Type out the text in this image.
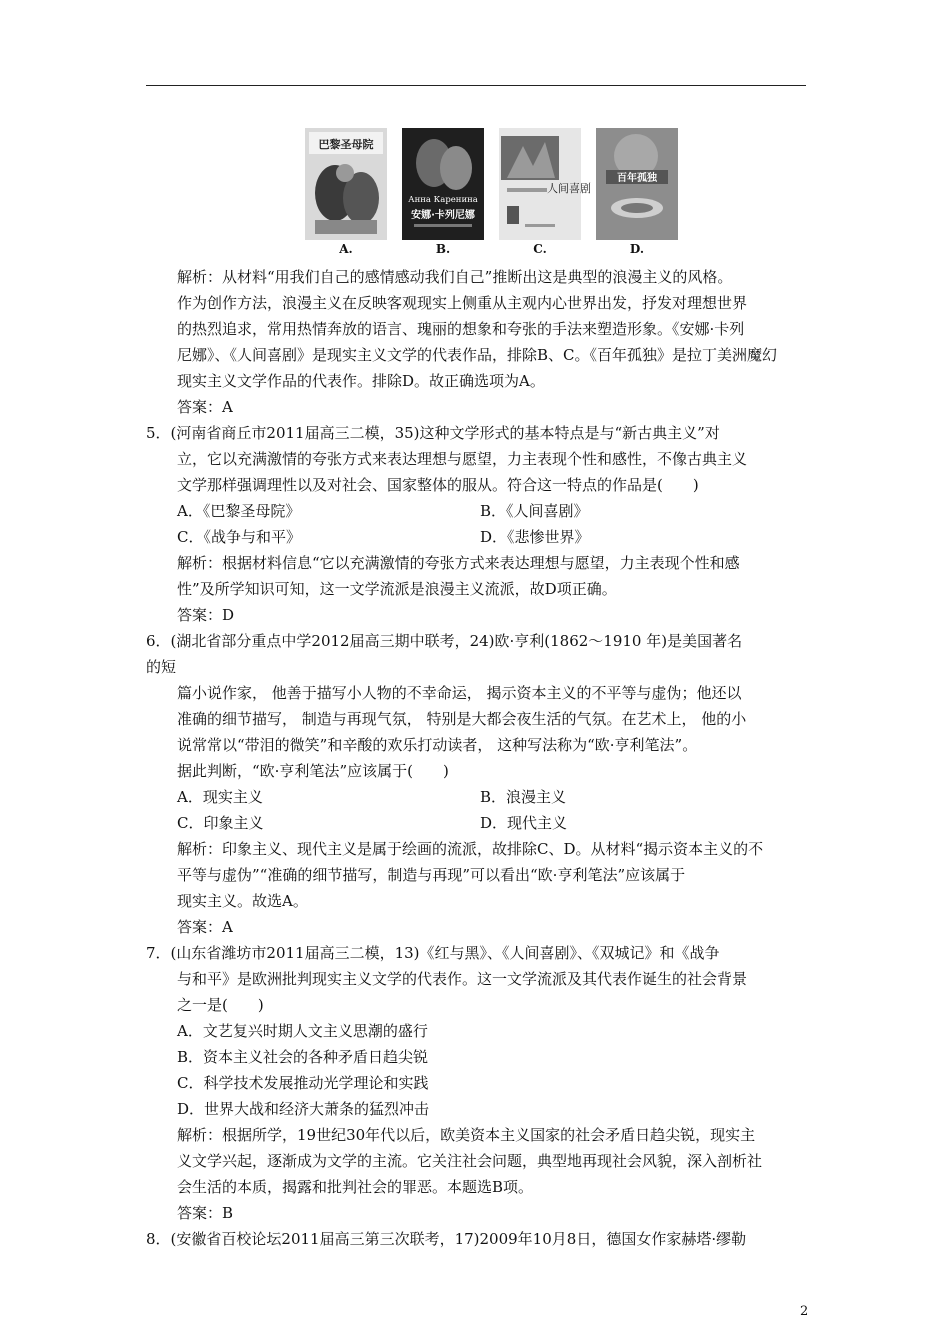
巴黎圣母院
A.
Анна Каренина
安娜·卡列尼娜
B.
人间喜剧
C.
百年孤独
D.
解析：从材料“用我们自己的感情感动我们自己”推断出这是典型的浪漫主义的风格。
作为创作方法，浪漫主义在反映客观现实上侧重从主观内心世界出发，抒发对理想世界
的热烈追求，常用热情奔放的语言、瑰丽的想象和夸张的手法来塑造形象。《安娜·卡列
尼娜》、《人间喜剧》是现实主义文学的代表作品，排除B、C。《百年孤独》是拉丁美洲魔幻
现实主义文学作品的代表作。排除D。故正确选项为A。
答案：A
5．(河南省商丘市2011届高三二模，35)这种文学形式的基本特点是与“新古典主义”对
立，它以充满激情的夸张方式来表达理想与愿望，力主表现个性和感性，不像古典主义
文学那样强调理性以及对社会、国家整体的服从。符合这一特点的作品是(　　)
A．《巴黎圣母院》	B．《人间喜剧》
C．《战争与和平》	D．《悲惨世界》
解析：根据材料信息“它以充满激情的夸张方式来表达理想与愿望，力主表现个性和感
性”及所学知识可知，这一文学流派是浪漫主义流派，故D项正确。
答案：D
6．(湖北省部分重点中学2012届高三期中联考，24)欧·亨利(1862～1910 年)是美国著名
的短
篇小说作家， 他善于描写小人物的不幸命运， 揭示资本主义的不平等与虚伪；他还以
准确的细节描写， 制造与再现气氛， 特别是大都会夜生活的气氛。在艺术上， 他的小
说常常以“带泪的微笑”和辛酸的欢乐打动读者， 这种写法称为“欧·亨利笔法”。
据此判断，“欧·亨利笔法”应该属于(　　)
A．现实主义	B．浪漫主义
C．印象主义	D．现代主义
解析：印象主义、现代主义是属于绘画的流派，故排除C、D。从材料“揭示资本主义的不
平等与虚伪”“准确的细节描写，制造与再现”可以看出“欧·亨利笔法”应该属于
现实主义。故选A。
答案：A
7．(山东省潍坊市2011届高三二模，13)《红与黑》、《人间喜剧》、《双城记》和《战争
与和平》是欧洲批判现实主义文学的代表作。这一文学流派及其代表作诞生的社会背景
之一是(　　)
A．文艺复兴时期人文主义思潮的盛行
B．资本主义社会的各种矛盾日趋尖锐
C．科学技术发展推动光学理论和实践
D．世界大战和经济大萧条的猛烈冲击
解析：根据所学，19世纪30年代以后，欧美资本主义国家的社会矛盾日趋尖锐，现实主
义文学兴起，逐渐成为文学的主流。它关注社会问题，典型地再现社会风貌，深入剖析社
会生活的本质，揭露和批判社会的罪恶。本题选B项。
答案：B
8．(安徽省百校论坛2011届高三第三次联考，17)2009年10月8日，德国女作家赫塔·缪勒
2
